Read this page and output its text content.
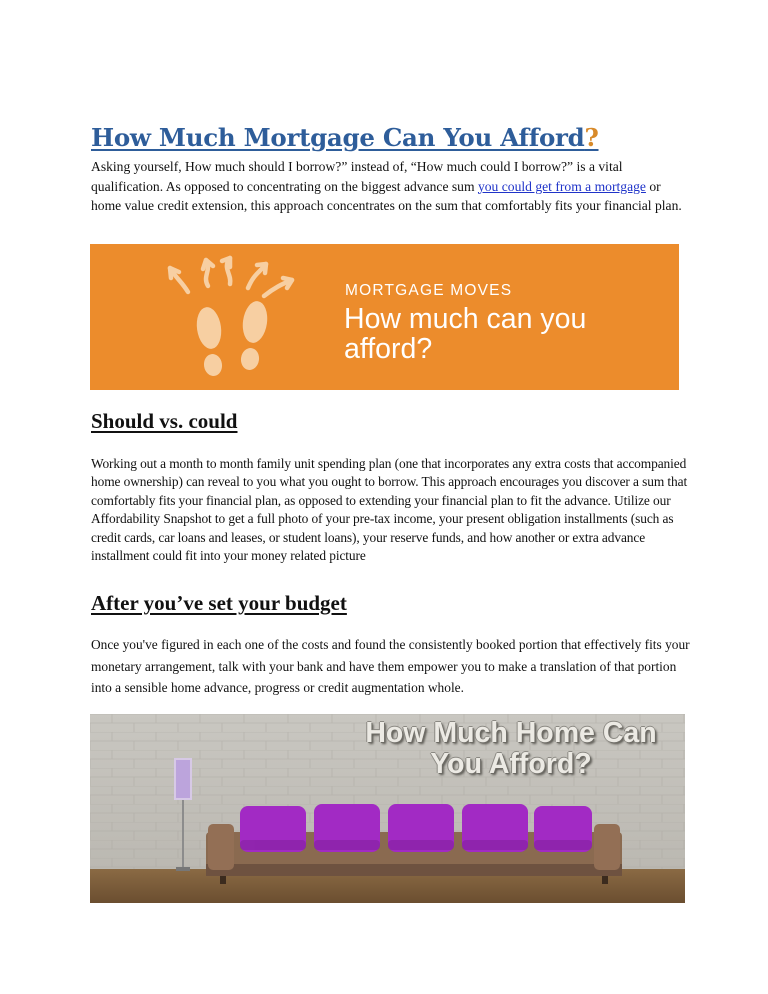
How Much Mortgage Can You Afford?

Asking yourself, How much should I borrow?” instead of, “How much could I borrow?” is a vital qualification. As opposed to concentrating on the biggest advance sum you could get from a mortgage or home value credit extension, this approach concentrates on the sum that comfortably fits your financial plan.

MORTGAGE MOVES
How much can you afford?
Should vs. could

Working out a month to month family unit spending plan (one that incorporates any extra costs that accompanied home ownership) can reveal to you what you ought to borrow. This approach encourages you discover a sum that comfortably fits your financial plan, as opposed to extending your financial plan to fit the advance. Utilize our Affordability Snapshot to get a full photo of your pre-tax income, your present obligation installments (such as credit cards, car loans and leases, or student loans), your reserve funds, and how another or extra advance installment could fit into your money related picture

After you’ve set your budget

Once you've figured in each one of the costs and found the consistently booked portion that effectively fits your monetary arrangement, talk with your bank and have them empower you to make a translation of that portion into a sensible home advance, progress or credit augmentation whole.

How Much Home Can You Afford?
